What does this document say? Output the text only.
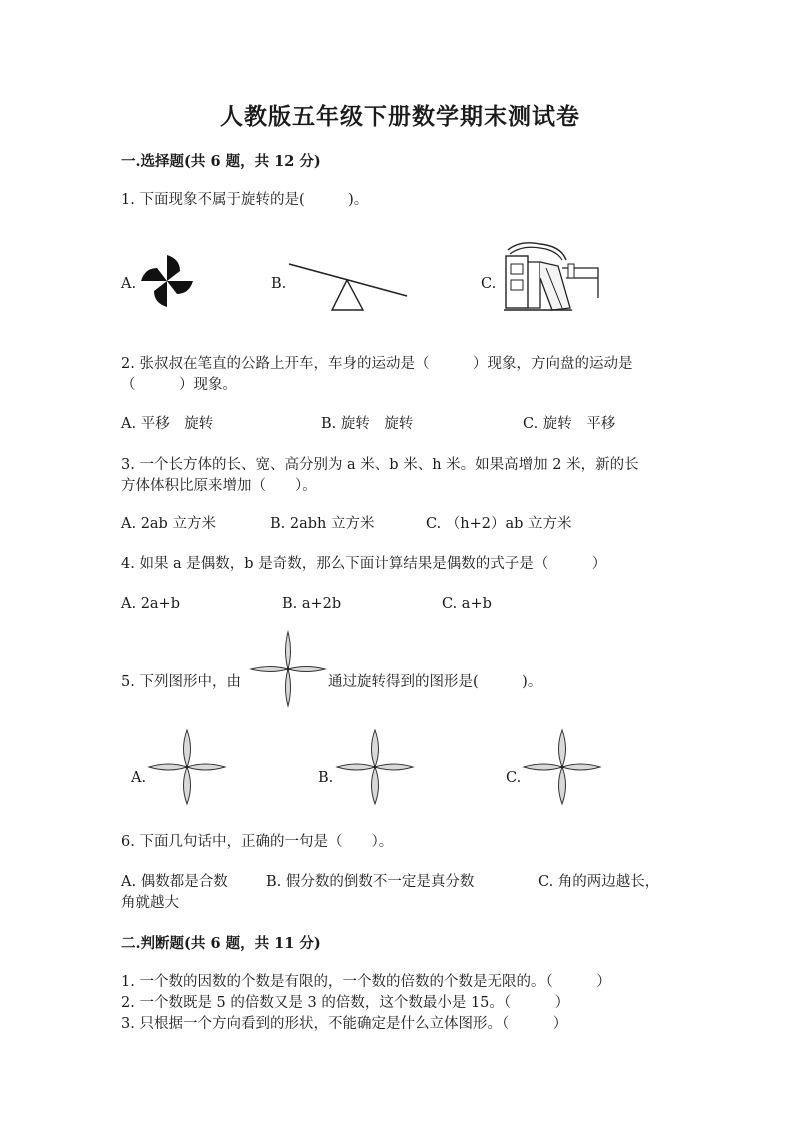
人教版五年级下册数学期末测试卷
一.选择题(共 6 题，共 12 分)
1. 下面现象不属于旋转的是(　　　)。
A.	B.	C.
2. 张叔叔在笔直的公路上开车，车身的运动是（　　　）现象，方向盘的运动是
（　　　）现象。
A. 平移　旋转	B. 旋转　旋转	C. 旋转　平移
3. 一个长方体的长、宽、高分别为 a 米、b 米、h 米。如果高增加 2 米，新的长
方体体积比原来增加（　　）。
A. 2ab 立方米	B. 2abh 立方米	C. （h+2）ab 立方米
4. 如果 a 是偶数，b 是奇数，那么下面计算结果是偶数的式子是（　　　）
A. 2a+b	B. a+2b	C. a+b
5. 下列图形中，由	通过旋转得到的图形是(　　　)。
A.	B.	C.
6. 下面几句话中，正确的一句是（　　）。
A. 偶数都是合数	B. 假分数的倒数不一定是真分数	C. 角的两边越长，
角就越大
二.判断题(共 6 题，共 11 分)
1. 一个数的因数的个数是有限的，一个数的倍数的个数是无限的。（　　　）
2. 一个数既是 5 的倍数又是 3 的倍数，这个数最小是 15。（　　　）
3. 只根据一个方向看到的形状，不能确定是什么立体图形。（　　　）
